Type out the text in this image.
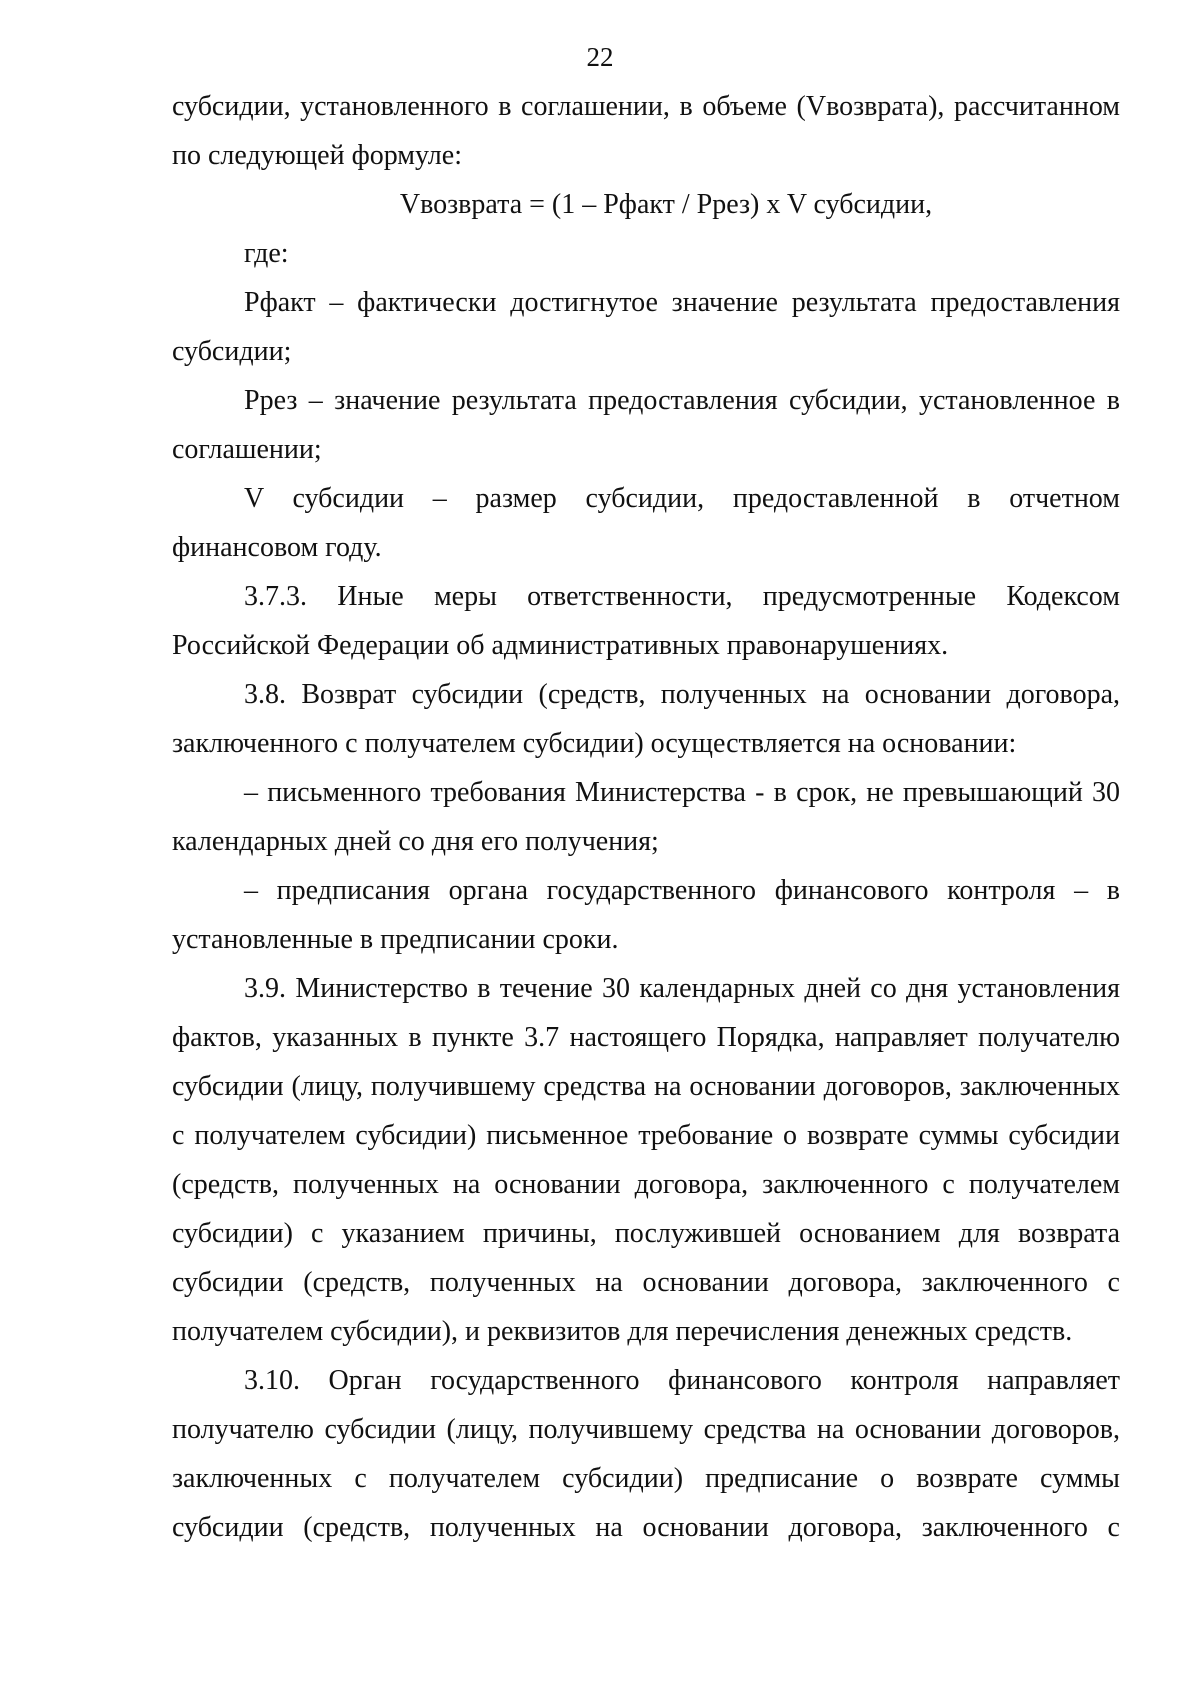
22

субсидии, установленного в соглашении, в объеме (Vвозврата), рассчитанном по следующей формуле:

Vвозврата = (1 – Рфакт / Ррез) x V субсидии,

где:

Рфакт – фактически достигнутое значение результата предоставления субсидии;

Ррез – значение результата предоставления субсидии, установленное в соглашении;

V субсидии – размер субсидии, предоставленной в отчетном финансовом году.

3.7.3. Иные меры ответственности, предусмотренные Кодексом Российской Федерации об административных правонарушениях.

3.8. Возврат субсидии (средств, полученных на основании договора, заключенного с получателем субсидии) осуществляется на основании:

– письменного требования Министерства - в срок, не превышающий 30 календарных дней со дня его получения;

– предписания органа государственного финансового контроля – в установленные в предписании сроки.

3.9. Министерство в течение 30 календарных дней со дня установления фактов, указанных в пункте 3.7 настоящего Порядка, направляет получателю субсидии (лицу, получившему средства на основании договоров, заключенных с получателем субсидии) письменное требование о возврате суммы субсидии (средств, полученных на основании договора, заключенного с получателем субсидии) с указанием причины, послужившей основанием для возврата субсидии (средств, полученных на основании договора, заключенного с получателем субсидии), и реквизитов для перечисления денежных средств.

3.10. Орган государственного финансового контроля направляет получателю субсидии (лицу, получившему средства на основании договоров, заключенных с получателем субсидии) предписание о возврате суммы субсидии (средств, полученных на основании договора, заключенного с
